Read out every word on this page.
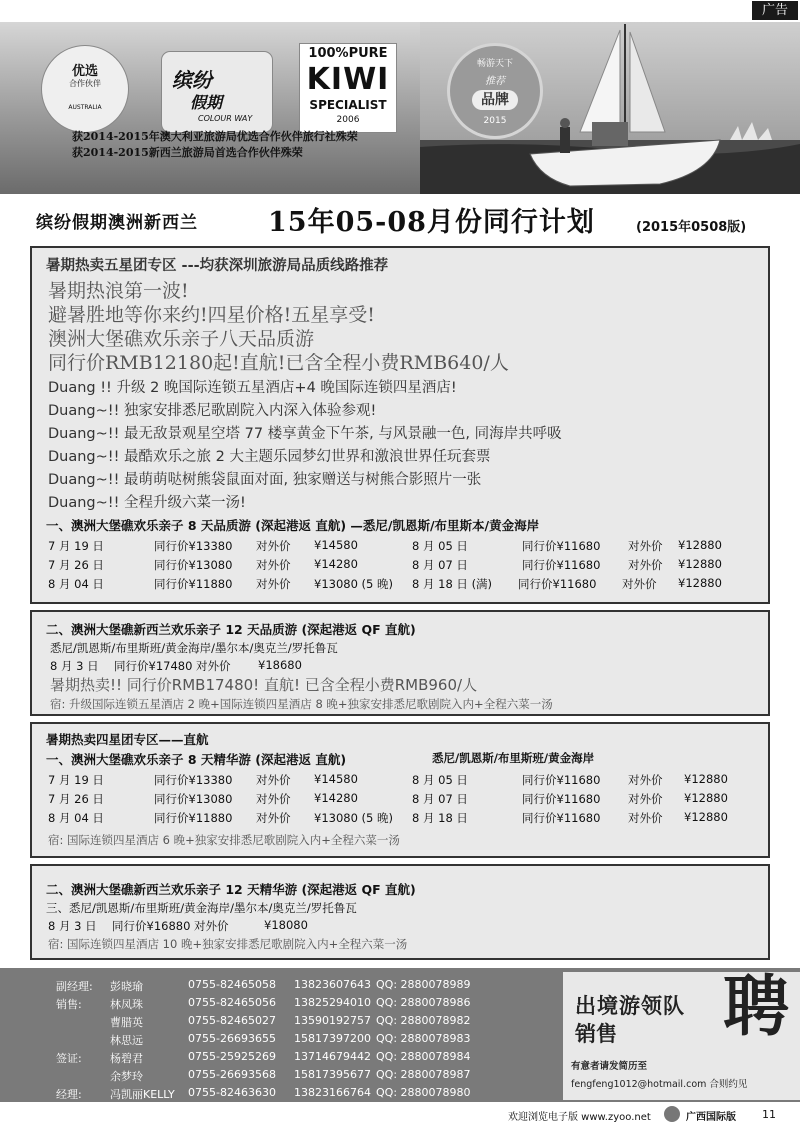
广告
优选
合作伙伴
AUSTRALIA
缤纷
假期
COLOUR WAY
100%PURE
KIWI
SPECIALIST
2006
畅游天下
推荐
品牌
2015
获2014-2015年澳大利亚旅游局优选合作伙伴旅行社殊荣
获2014-2015新西兰旅游局首选合作伙伴殊荣
缤纷假期澳洲新西兰	15年05-08月份同行计划	(2015年0508版)
暑期热卖五星团专区 ---均获深圳旅游局品质线路推荐
暑期热浪第一波!
避暑胜地等你来约!四星价格!五星享受!
澳洲大堡礁欢乐亲子八天品质游
同行价RMB12180起!直航!已含全程小费RMB640/人
Duang !! 升级 2 晚国际连锁五星酒店+4 晚国际连锁四星酒店!
Duang~!! 独家安排悉尼歌剧院入内深入体验参观!
Duang~!! 最无敌景观星空塔 77 楼享黄金下午茶, 与风景融一色, 同海岸共呼吸
Duang~!! 最酷欢乐之旅 2 大主题乐园梦幻世界和激浪世界任玩套票
Duang~!! 最萌萌哒树熊袋鼠面对面, 独家赠送与树熊合影照片一张
Duang~!! 全程升级六菜一汤!
一、澳洲大堡礁欢乐亲子 8 天品质游 (深起港返 直航) —悉尼/凯恩斯/布里斯本/黄金海岸
7 月 19 日	同行价¥13380 对外价 ¥14580	8 月 05 日	同行价¥11680 对外价 ¥12880
7 月 26 日	同行价¥13080 对外价 ¥14280	8 月 07 日	同行价¥11680 对外价 ¥12880
8 月 04 日	同行价¥11880 对外价 ¥13080 (5 晚) 8 月 18 日 (满) 同行价¥11680 对外价 ¥12880
二、澳洲大堡礁新西兰欢乐亲子 12 天品质游 (深起港返 QF 直航)
悉尼/凯恩斯/布里斯班/黄金海岸/墨尔本/奥克兰/罗托鲁瓦
8 月 3 日 同行价¥17480 对外价 ¥18680
暑期热卖!! 同行价RMB17480! 直航! 已含全程小费RMB960/人
宿: 升级国际连锁五星酒店 2 晚+国际连锁四星酒店 8 晚+独家安排悉尼歌剧院入内+全程六菜一汤
暑期热卖四星团专区——直航
一、澳洲大堡礁欢乐亲子 8 天精华游 (深起港返 直航)	悉尼/凯恩斯/布里斯班/黄金海岸
7 月 19 日	同行价¥13380 对外价 ¥14580	8 月 05 日	同行价¥11680 对外价 ¥12880
7 月 26 日	同行价¥13080 对外价 ¥14280	8 月 07 日	同行价¥11680 对外价 ¥12880
8 月 04 日	同行价¥11880 对外价 ¥13080 (5 晚) 8 月 18 日	同行价¥11680 对外价 ¥12880
宿: 国际连锁四星酒店 6 晚+独家安排悉尼歌剧院入内+全程六菜一汤
二、澳洲大堡礁新西兰欢乐亲子 12 天精华游 (深起港返 QF 直航)
三、悉尼/凯恩斯/布里斯班/黄金海岸/墨尔本/奥克兰/罗托鲁瓦
8 月 3 日 同行价¥16880 对外价	¥18080
宿: 国际连锁四星酒店 10 晚+独家安排悉尼歌剧院入内+全程六菜一汤
副经理: 彭晓瑜	0755-82465058 13823607643 QQ: 2880078989
销售:	林凤珠	0755-82465056 13825294010 QQ: 2880078986
曹腊英	0755-82465027 13590192757 QQ: 2880078982
林思远	0755-26693655 15817397200 QQ: 2880078983
签证:	杨碧君	0755-25925269 13714679442 QQ: 2880078984
余梦玲	0755-26693568 15817395677 QQ: 2880078987
经理:	冯凯丽KELLY 0755-82463630 13823166764 QQ: 2880078980
出境游领队
销售 聘
有意者请发简历至
fengfeng1012@hotmail.com 合则约见
欢迎浏览电子版 www.zyoo.net	广西国际版 11
